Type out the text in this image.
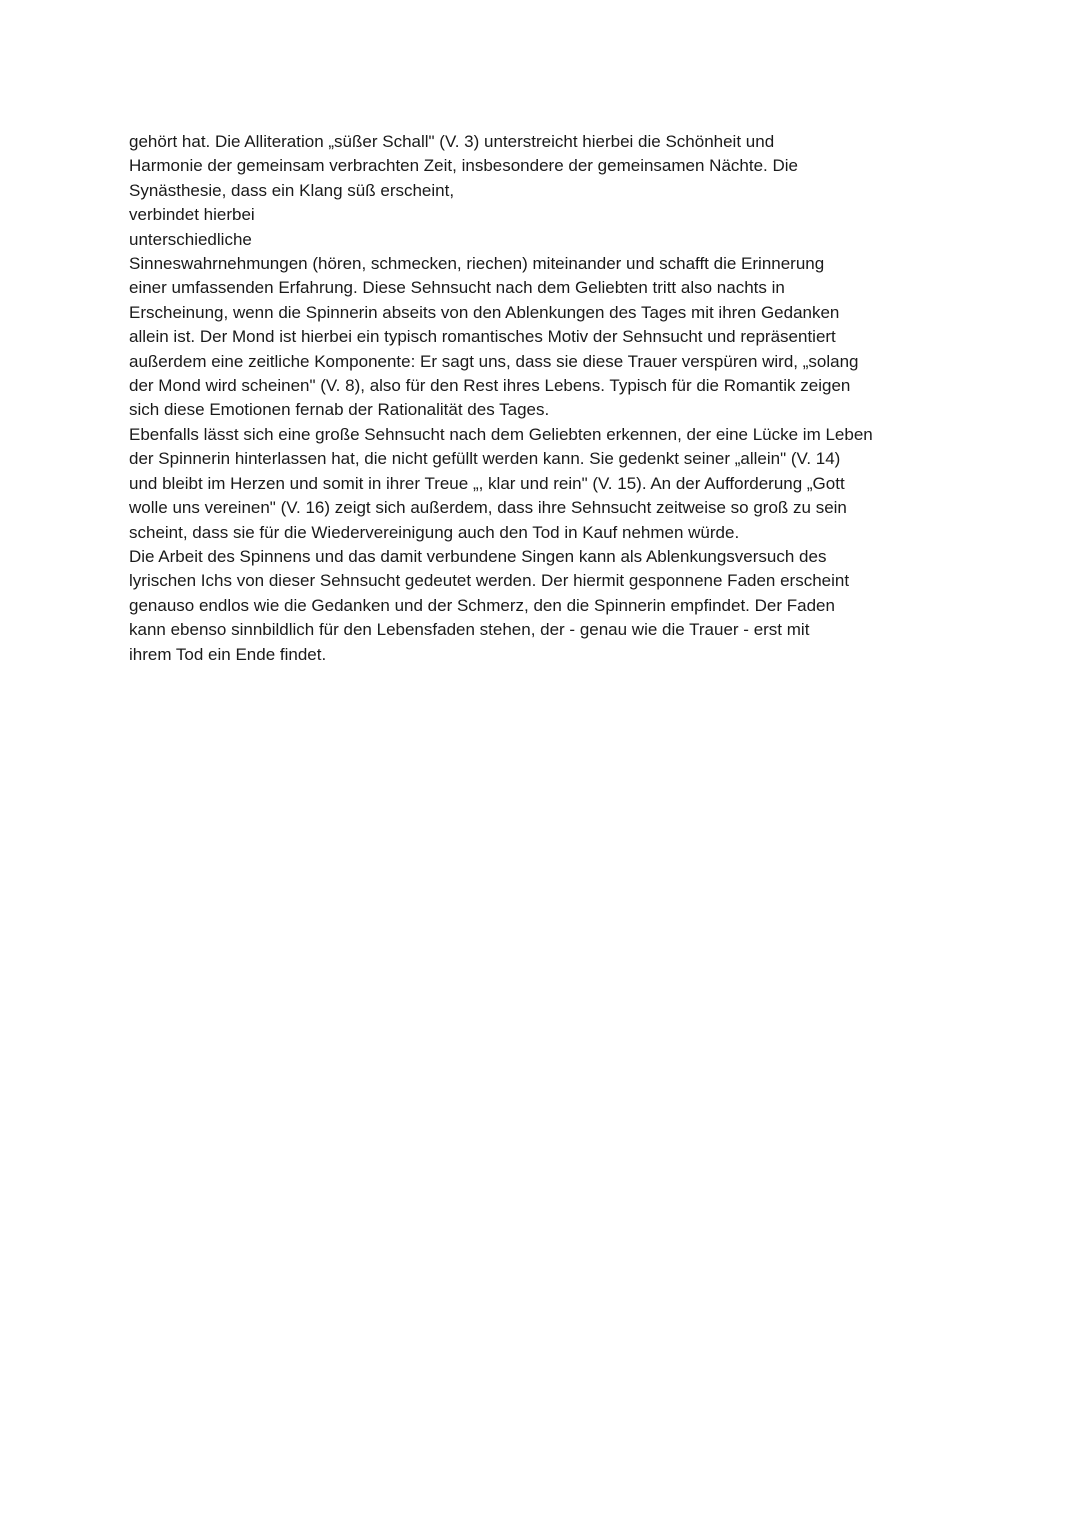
gehört hat. Die Alliteration „süßer Schall" (V. 3) unterstreicht hierbei die Schönheit und
Harmonie der gemeinsam verbrachten Zeit, insbesondere der gemeinsamen Nächte. Die
Synästhesie, dass ein Klang süß erscheint,
verbindet hierbei
unterschiedliche
Sinneswahrnehmungen (hören, schmecken, riechen) miteinander und schafft die Erinnerung
einer umfassenden Erfahrung. Diese Sehnsucht nach dem Geliebten tritt also nachts in
Erscheinung, wenn die Spinnerin abseits von den Ablenkungen des Tages mit ihren Gedanken
allein ist. Der Mond ist hierbei ein typisch romantisches Motiv der Sehnsucht und repräsentiert
außerdem eine zeitliche Komponente: Er sagt uns, dass sie diese Trauer verspüren wird, „solang
der Mond wird scheinen" (V. 8), also für den Rest ihres Lebens. Typisch für die Romantik zeigen
sich diese Emotionen fernab der Rationalität des Tages.
Ebenfalls lässt sich eine große Sehnsucht nach dem Geliebten erkennen, der eine Lücke im Leben
der Spinnerin hinterlassen hat, die nicht gefüllt werden kann. Sie gedenkt seiner „allein" (V. 14)
und bleibt im Herzen und somit in ihrer Treue „, klar und rein" (V. 15). An der Aufforderung „Gott
wolle uns vereinen" (V. 16) zeigt sich außerdem, dass ihre Sehnsucht zeitweise so groß zu sein
scheint, dass sie für die Wiedervereinigung auch den Tod in Kauf nehmen würde.
Die Arbeit des Spinnens und das damit verbundene Singen kann als Ablenkungsversuch des
lyrischen Ichs von dieser Sehnsucht gedeutet werden. Der hiermit gesponnene Faden erscheint
genauso endlos wie die Gedanken und der Schmerz, den die Spinnerin empfindet. Der Faden
kann ebenso sinnbildlich für den Lebensfaden stehen, der - genau wie die Trauer - erst mit
ihrem Tod ein Ende findet.
